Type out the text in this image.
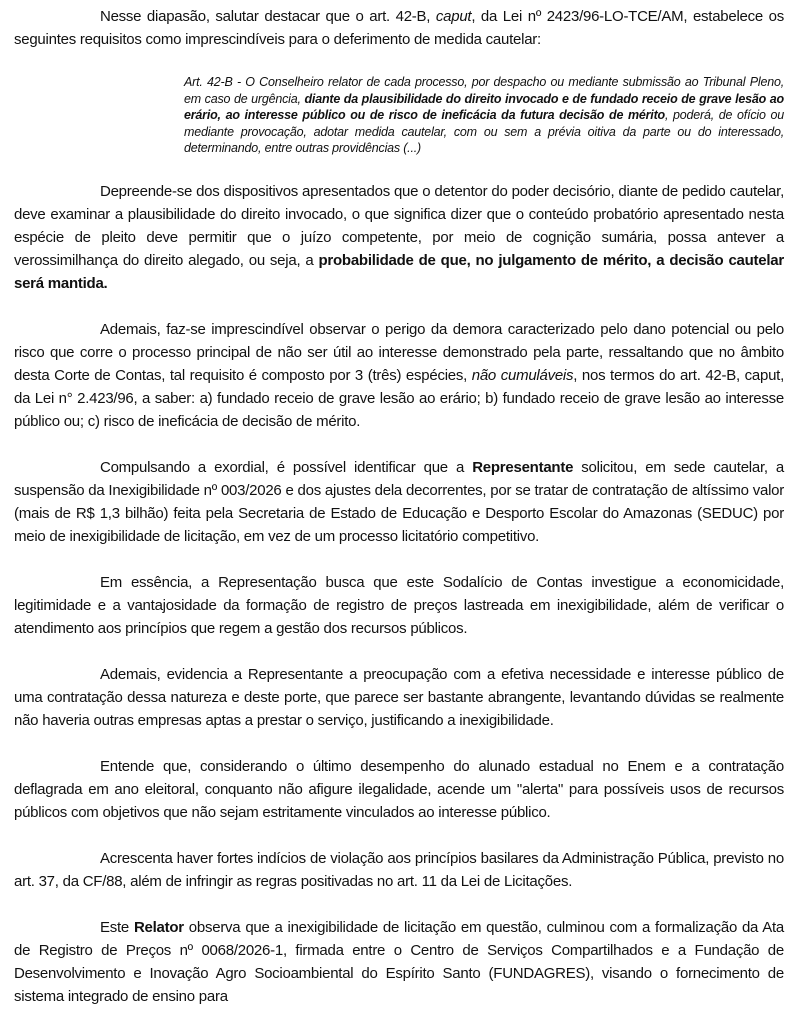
Nesse diapasão, salutar destacar que o art. 42-B, caput, da Lei nº 2423/96-LO-TCE/AM, estabelece os seguintes requisitos como imprescindíveis para o deferimento de medida cautelar:

Art. 42-B - O Conselheiro relator de cada processo, por despacho ou mediante submissão ao Tribunal Pleno, em caso de urgência, diante da plausibilidade do direito invocado e de fundado receio de grave lesão ao erário, ao interesse público ou de risco de ineficácia da futura decisão de mérito, poderá, de ofício ou mediante provocação, adotar medida cautelar, com ou sem a prévia oitiva da parte ou do interessado, determinando, entre outras providências (...)

Depreende-se dos dispositivos apresentados que o detentor do poder decisório, diante de pedido cautelar, deve examinar a plausibilidade do direito invocado, o que significa dizer que o conteúdo probatório apresentado nesta espécie de pleito deve permitir que o juízo competente, por meio de cognição sumária, possa antever a verossimilhança do direito alegado, ou seja, a probabilidade de que, no julgamento de mérito, a decisão cautelar será mantida.

Ademais, faz-se imprescindível observar o perigo da demora caracterizado pelo dano potencial ou pelo risco que corre o processo principal de não ser útil ao interesse demonstrado pela parte, ressaltando que no âmbito desta Corte de Contas, tal requisito é composto por 3 (três) espécies, não cumuláveis, nos termos do art. 42-B, caput, da Lei n° 2.423/96, a saber: a) fundado receio de grave lesão ao erário; b) fundado receio de grave lesão ao interesse público ou; c) risco de ineficácia de decisão de mérito.

Compulsando a exordial, é possível identificar que a Representante solicitou, em sede cautelar, a suspensão da Inexigibilidade nº 003/2026 e dos ajustes dela decorrentes, por se tratar de contratação de altíssimo valor (mais de R$ 1,3 bilhão) feita pela Secretaria de Estado de Educação e Desporto Escolar do Amazonas (SEDUC) por meio de inexigibilidade de licitação, em vez de um processo licitatório competitivo.

Em essência, a Representação busca que este Sodalício de Contas investigue a economicidade, legitimidade e a vantajosidade da formação de registro de preços lastreada em inexigibilidade, além de verificar o atendimento aos princípios que regem a gestão dos recursos públicos.

Ademais, evidencia a Representante a preocupação com a efetiva necessidade e interesse público de uma contratação dessa natureza e deste porte, que parece ser bastante abrangente, levantando dúvidas se realmente não haveria outras empresas aptas a prestar o serviço, justificando a inexigibilidade.

Entende que, considerando o último desempenho do alunado estadual no Enem e a contratação deflagrada em ano eleitoral, conquanto não afigure ilegalidade, acende um "alerta" para possíveis usos de recursos públicos com objetivos que não sejam estritamente vinculados ao interesse público.

Acrescenta haver fortes indícios de violação aos princípios basilares da Administração Pública, previsto no art. 37, da CF/88, além de infringir as regras positivadas no art. 11 da Lei de Licitações.

Este Relator observa que a inexigibilidade de licitação em questão, culminou com a formalização da Ata de Registro de Preços nº 0068/2026-1, firmada entre o Centro de Serviços Compartilhados e a Fundação de Desenvolvimento e Inovação Agro Socioambiental do Espírito Santo (FUNDAGRES), visando o fornecimento de sistema integrado de ensino para
